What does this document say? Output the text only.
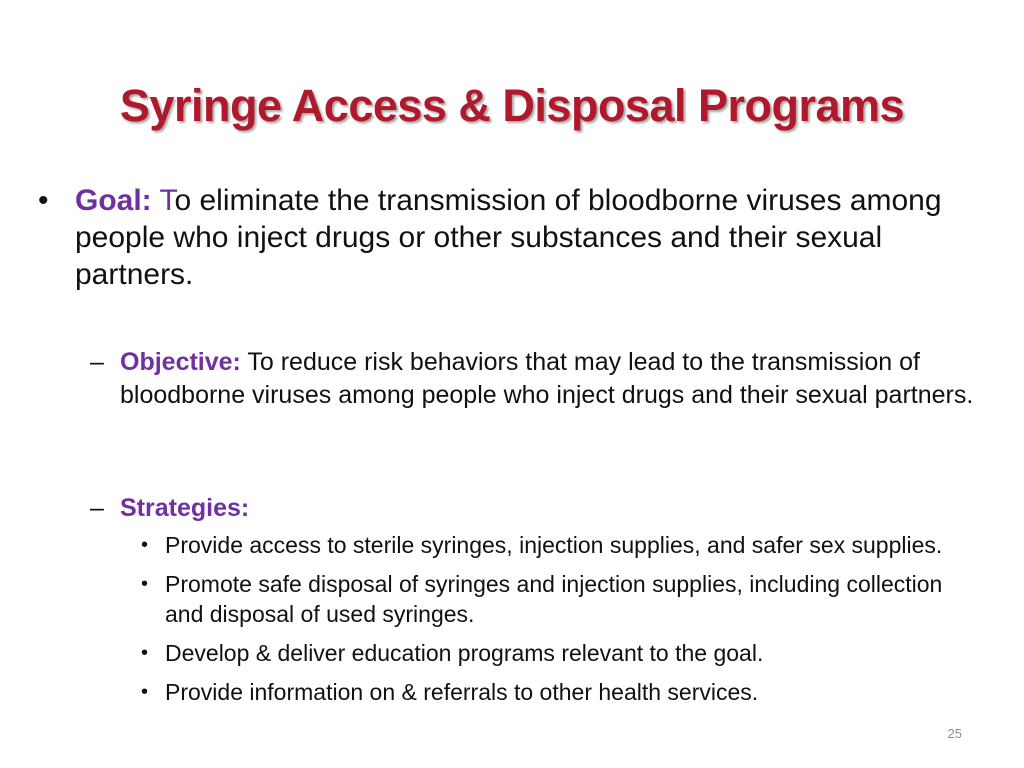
Syringe Access & Disposal Programs
• Goal: To eliminate the transmission of bloodborne viruses among people who inject drugs or other substances and their sexual partners.
– Objective: To reduce risk behaviors that may lead to the transmission of bloodborne viruses among people who inject drugs and their sexual partners.
– Strategies:
• Provide access to sterile syringes, injection supplies, and safer sex supplies.
• Promote safe disposal of syringes and injection supplies, including collection and disposal of used syringes.
• Develop & deliver education programs relevant to the goal.
• Provide information on & referrals to other health services.
25
